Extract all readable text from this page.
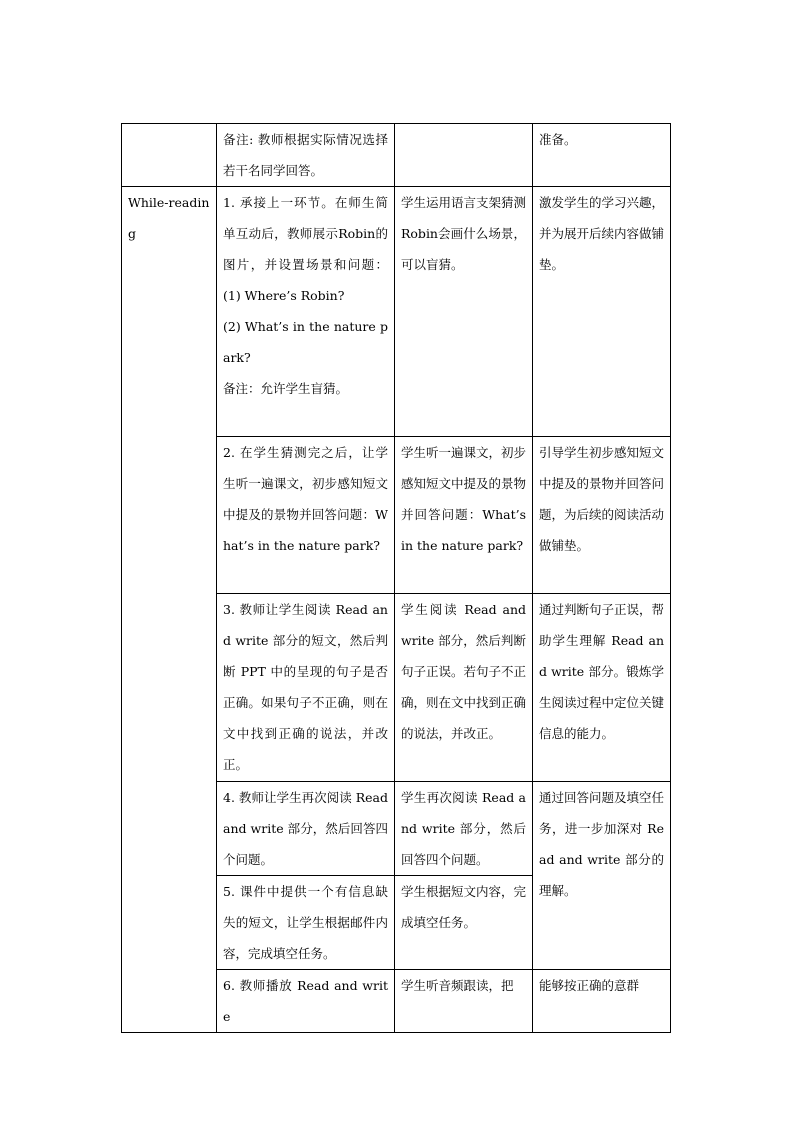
	备注: 教师根据实际情况选择若干名同学回答。		准备。
While-reading	1. 承接上一环节。在师生简单互动后，教师展示Robin的图片，并设置场景和问题：(1) Where’s Robin?

(2) What’s in the nature park?

备注：允许学生盲猜。	学生运用语言支架猜测Robin会画什么场景，可以盲猜。	激发学生的学习兴趣，并为展开后续内容做铺垫。

	2. 在学生猜测完之后，让学生听一遍课文，初步感知短文中提及的景物并回答问题：What’s in the nature park?	学生听一遍课文，初步感知短文中提及的景物并回答问题：What’s in the nature park?	引导学生初步感知短文中提及的景物并回答问题，为后续的阅读活动做铺垫。

	3. 教师让学生阅读 Read and write 部分的短文，然后判断 PPT 中的呈现的句子是否正确。如果句子不正确，则在文中找到正确的说法，并改正。	学生阅读 Read and write 部分，然后判断句子正误。若句子不正确，则在文中找到正确的说法，并改正。	通过判断句子正误，帮助学生理解 Read and write 部分。锻炼学生阅读过程中定位关键信息的能力。

	4. 教师让学生再次阅读 Read and write 部分，然后回答四个问题。	学生再次阅读 Read and write 部分，然后回答四个问题。	通过回答问题及填空任务，进一步加深对 Read and write 部分的理解。

	5. 课件中提供一个有信息缺失的短文，让学生根据邮件内容，完成填空任务。	学生根据短文内容，完成填空任务。	

	6. 教师播放 Read and write	学生听音频跟读，把	能够按正确的意群
